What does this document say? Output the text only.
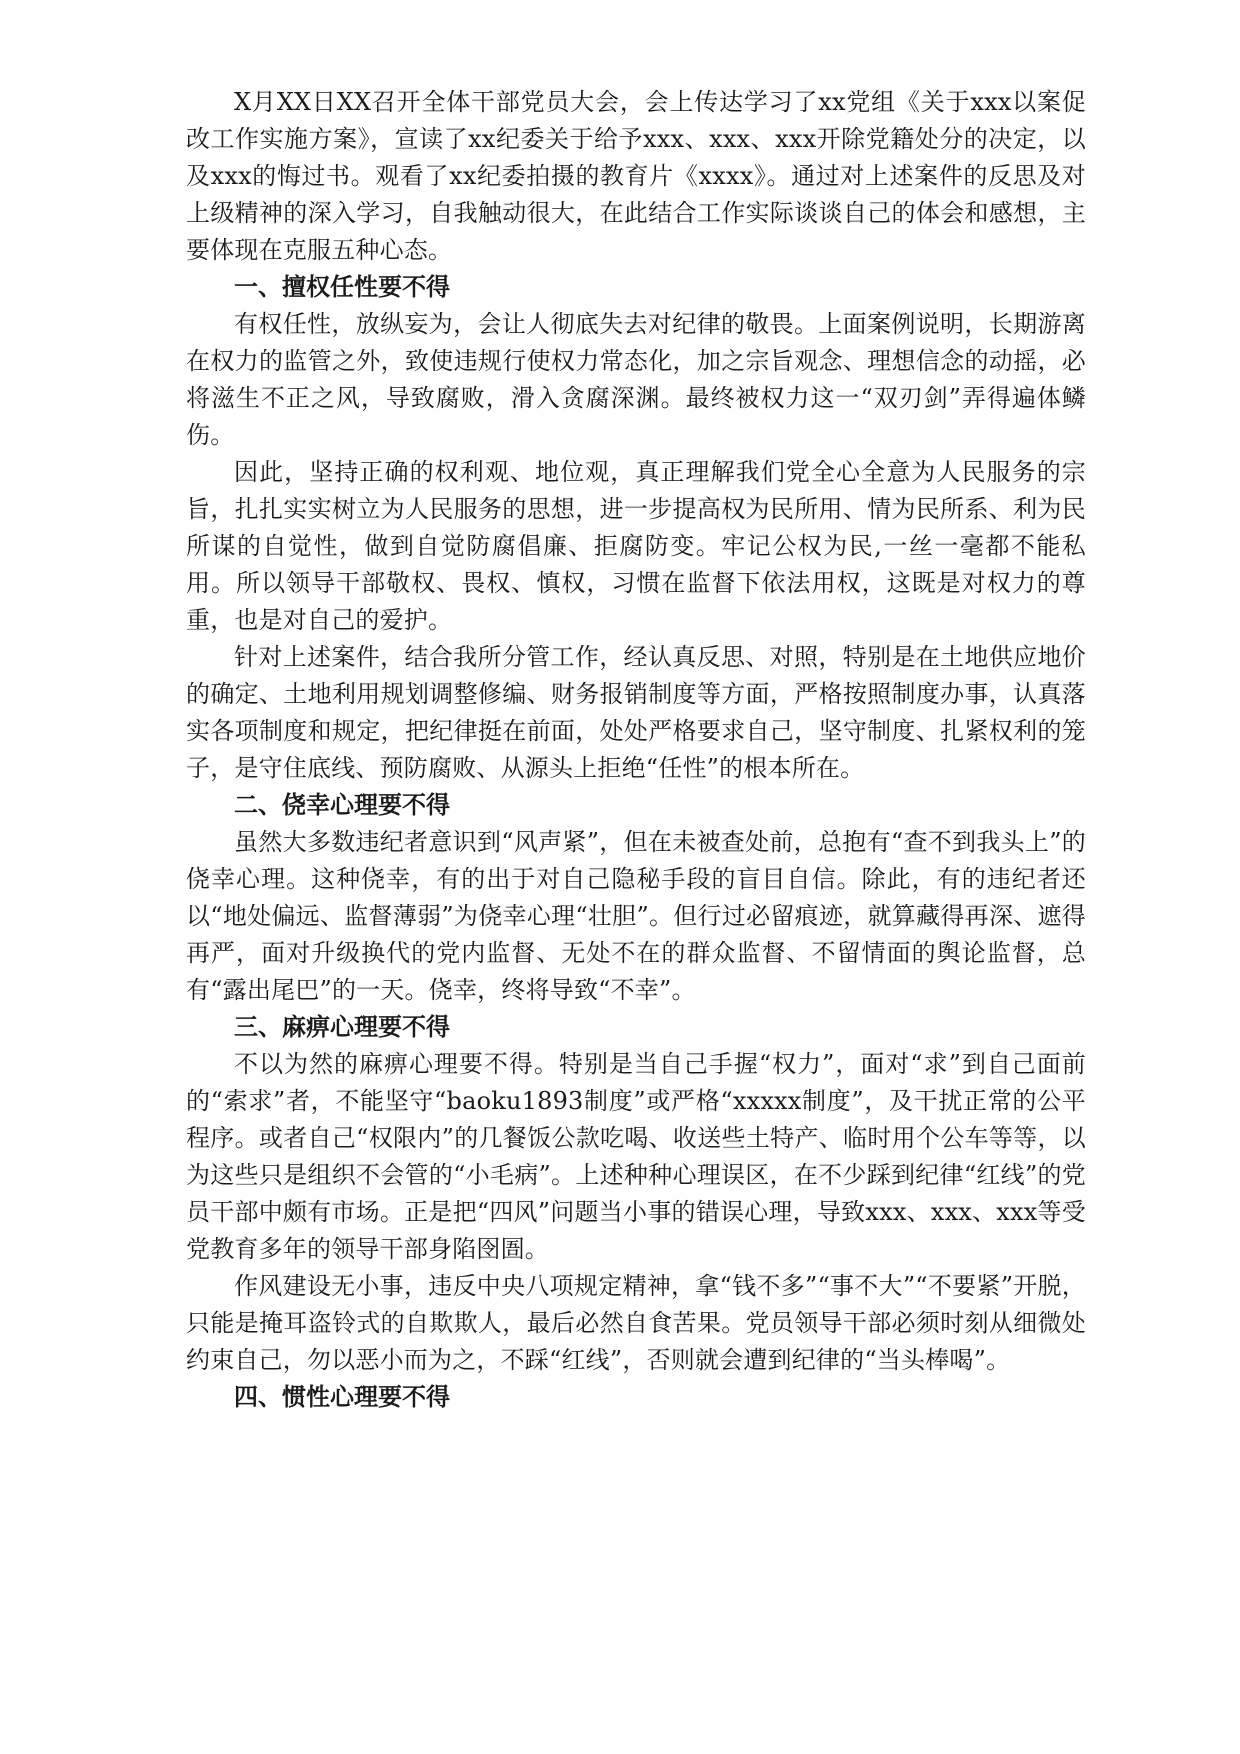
X月XX日XX召开全体干部党员大会，会上传达学习了xx党组《关于xxx以案促改工作实施方案》，宣读了xx纪委关于给予xxx、xxx、xxx开除党籍处分的决定，以及xxx的悔过书。观看了xx纪委拍摄的教育片《xxxx》。通过对上述案件的反思及对上级精神的深入学习，自我触动很大，在此结合工作实际谈谈自己的体会和感想，主要体现在克服五种心态。

一、擅权任性要不得

有权任性，放纵妄为，会让人彻底失去对纪律的敬畏。上面案例说明，长期游离在权力的监管之外，致使违规行使权力常态化，加之宗旨观念、理想信念的动摇，必将滋生不正之风，导致腐败，滑入贪腐深渊。最终被权力这一“双刃剑”弄得遍体鳞伤。

因此，坚持正确的权利观、地位观，真正理解我们党全心全意为人民服务的宗旨，扎扎实实树立为人民服务的思想，进一步提高权为民所用、情为民所系、利为民所谋的自觉性，做到自觉防腐倡廉、拒腐防变。牢记公权为民,一丝一毫都不能私用。所以领导干部敬权、畏权、慎权，习惯在监督下依法用权，这既是对权力的尊重，也是对自己的爱护。

针对上述案件，结合我所分管工作，经认真反思、对照，特别是在土地供应地价的确定、土地利用规划调整修编、财务报销制度等方面，严格按照制度办事，认真落实各项制度和规定，把纪律挺在前面，处处严格要求自己，坚守制度、扎紧权利的笼子，是守住底线、预防腐败、从源头上拒绝“任性”的根本所在。

二、侥幸心理要不得

虽然大多数违纪者意识到“风声紧”，但在未被查处前，总抱有“查不到我头上”的侥幸心理。这种侥幸，有的出于对自己隐秘手段的盲目自信。除此，有的违纪者还以“地处偏远、监督薄弱”为侥幸心理“壮胆”。但行过必留痕迹，就算藏得再深、遮得再严，面对升级换代的党内监督、无处不在的群众监督、不留情面的舆论监督，总有“露出尾巴”的一天。侥幸，终将导致“不幸”。

三、麻痹心理要不得

不以为然的麻痹心理要不得。特别是当自己手握“权力”，面对“求”到自己面前的“索求”者，不能坚守“baoku1893制度”或严格“xxxxx制度”，及干扰正常的公平程序。或者自己“权限内”的几餐饭公款吃喝、收送些土特产、临时用个公车等等，以为这些只是组织不会管的“小毛病”。上述种种心理误区，在不少踩到纪律“红线”的党员干部中颇有市场。正是把“四风”问题当小事的错误心理，导致xxx、xxx、xxx等受党教育多年的领导干部身陷囹圄。

作风建设无小事，违反中央八项规定精神，拿“钱不多”“事不大”“不要紧”开脱，只能是掩耳盗铃式的自欺欺人，最后必然自食苦果。党员领导干部必须时刻从细微处约束自己，勿以恶小而为之，不踩“红线”，否则就会遭到纪律的“当头棒喝”。

四、惯性心理要不得
